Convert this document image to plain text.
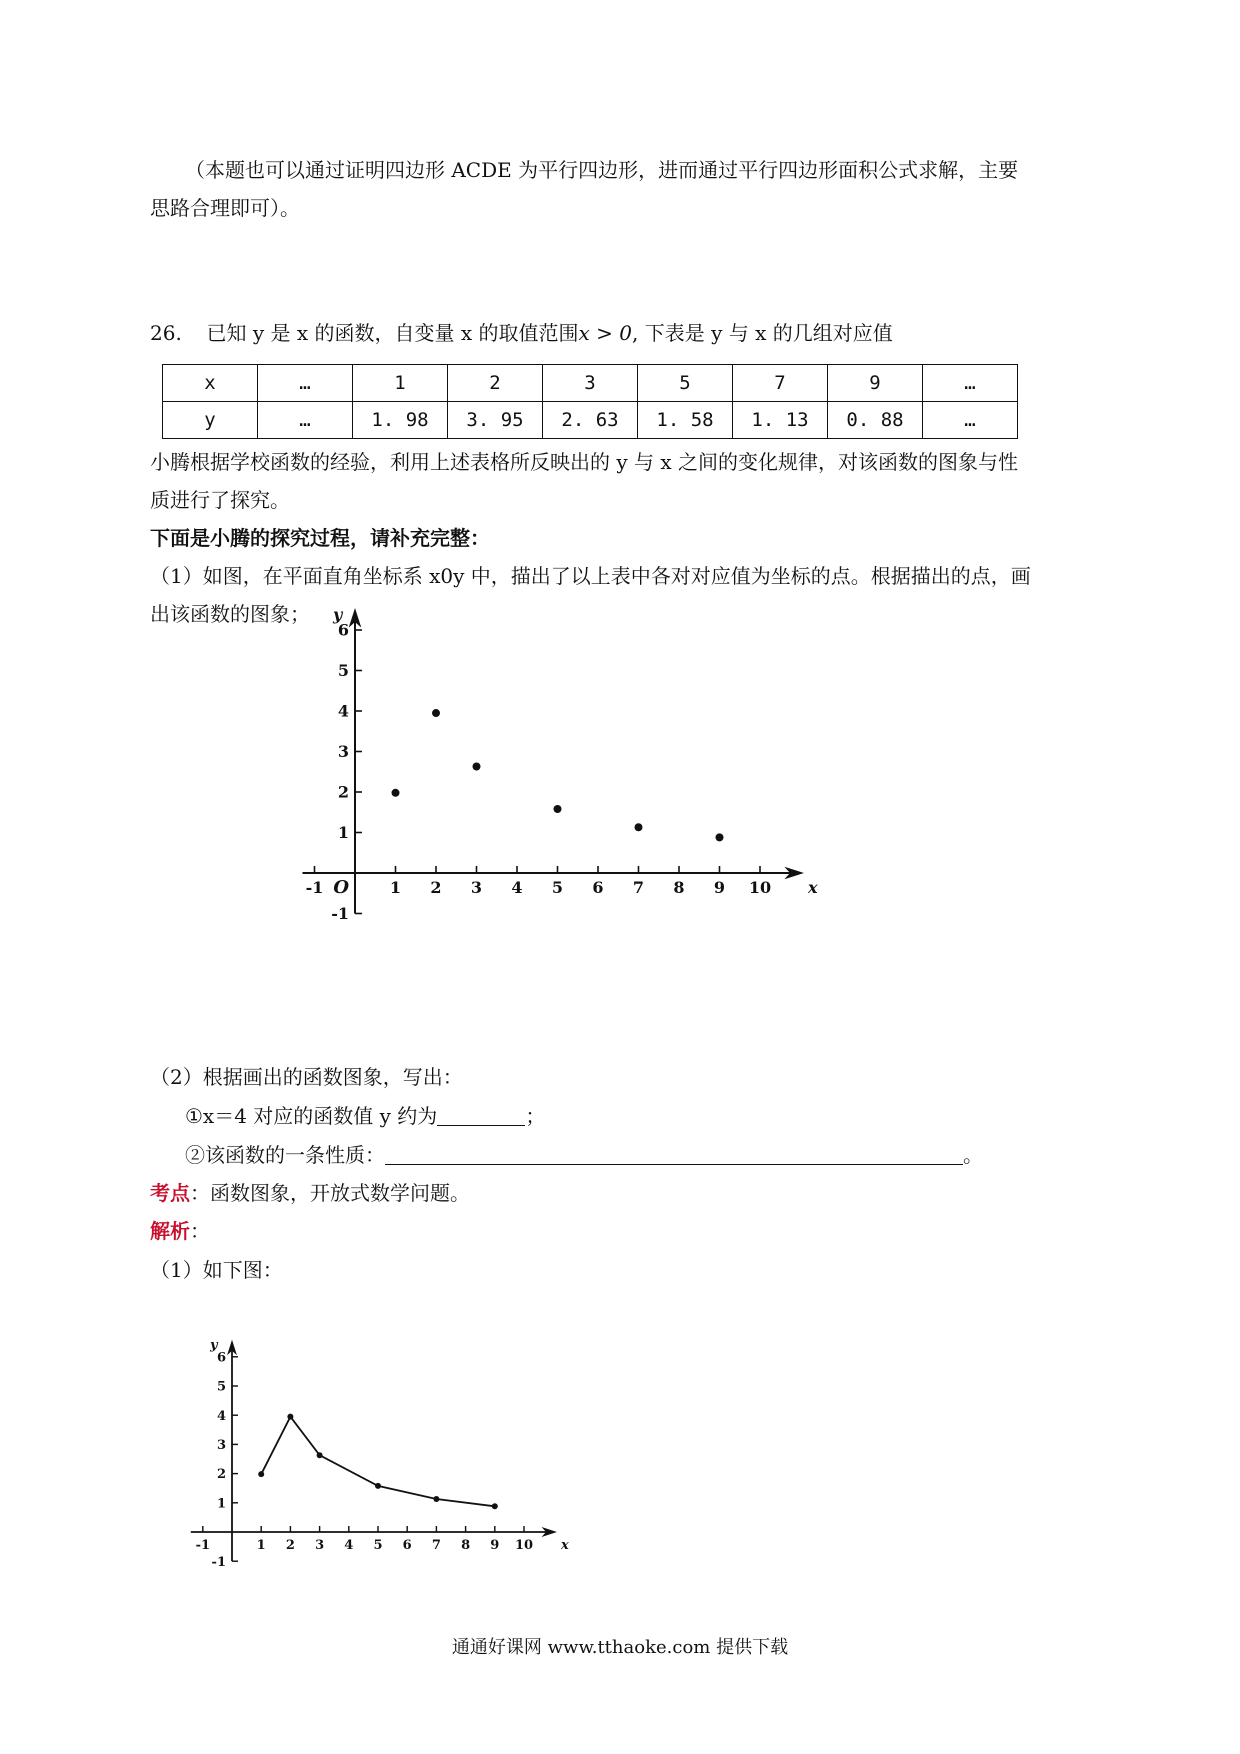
（本题也可以通过证明四边形 ACDE 为平行四边形，进而通过平行四边形面积公式求解，主要
思路合理即可）。
26. 已知 y 是 x 的函数，自变量 x 的取值范围x > 0, 下表是 y 与 x 的几组对应值
x	…	1	2	3	5	7	9	…
y	…	1. 98	3. 95	2. 63	1. 58	1. 13	0. 88	…
小腾根据学校函数的经验，利用上述表格所反映出的 y 与 x 之间的变化规律，对该函数的图象与性
质进行了探究。
下面是小腾的探究过程，请补充完整：
（1）如图，在平面直角坐标系 x0y 中，描出了以上表中各对对应值为坐标的点。根据描出的点，画
出该函数的图象；
-1	1 2 3 4 5 6 7 8 9 10
-1
1
2
3
4
5
6
x
y
O
（2）根据画出的函数图象，写出：
①x＝4 对应的函数值 y 约为	；
②该函数的一条性质：	。
考点：函数图象，开放式数学问题。
解析：
（1）如下图：
-1	1 2 3 4 5 6 7 8 9 10
-1
1
2
3
4
5
6
x
y
通通好课网 www.tthaoke.com 提供下载
